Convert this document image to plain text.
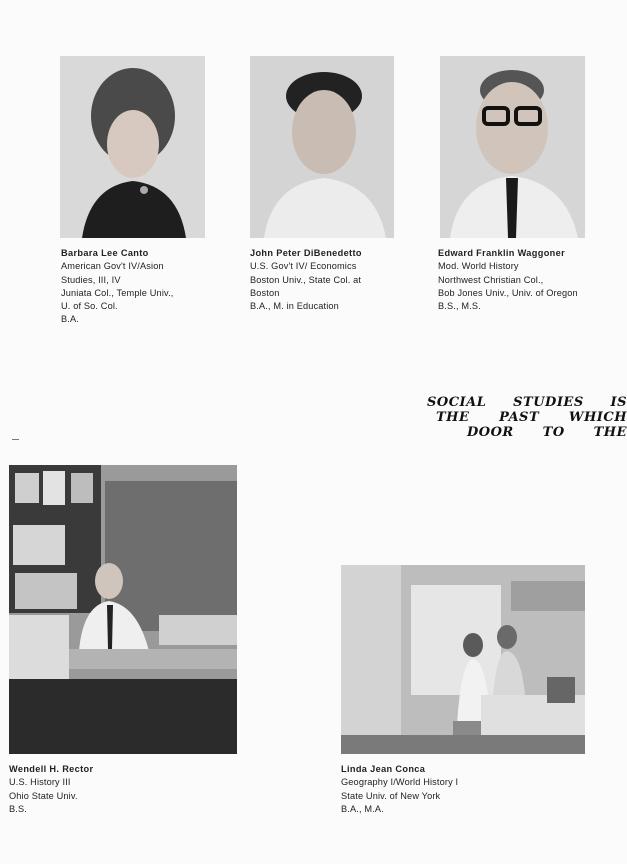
Barbara Lee Canto
American Gov't IV/Asion
Studies, III, IV
Juniata Col., Temple Univ.,
U. of So. Col.
B.A.
John Peter DiBenedetto
U.S. Gov't IV/ Economics
Boston Univ., State Col. at
Boston
B.A., M. in Education
Edward Franklin Waggoner
Mod. World History
Northwest Christian Col.,
Bob Jones Univ., Univ. of Oregon
B.S., M.S.
SOCIAL STUDIES IS
THE PAST WHICH
DOOR TO THE
Wendell H. Rector
U.S. History III
Ohio State Univ.
B.S.
Linda Jean Conca
Geography I/World History I
State Univ. of New York
B.A., M.A.
